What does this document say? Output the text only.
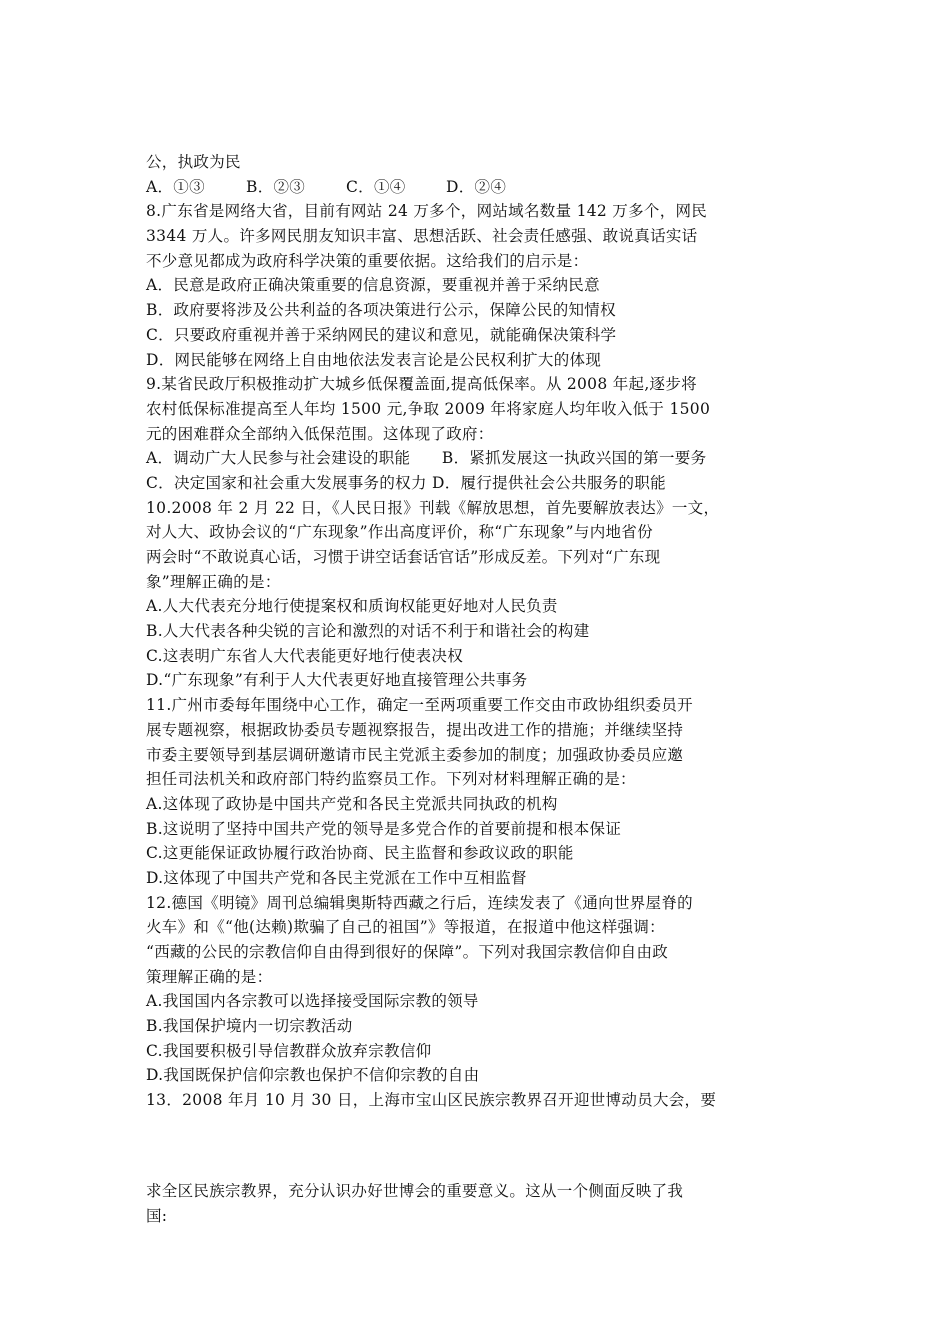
公，执政为民
A．①③	B．②③	C．①④	D．②④
8.广东省是网络大省，目前有网站 24 万多个，网站域名数量 142 万多个，网民
3344 万人。许多网民朋友知识丰富、思想活跃、社会责任感强、敢说真话实话
不少意见都成为政府科学决策的重要依据。这给我们的启示是：
A．民意是政府正确决策重要的信息资源，要重视并善于采纳民意
B．政府要将涉及公共利益的各项决策进行公示，保障公民的知情权
C．只要政府重视并善于采纳网民的建议和意见，就能确保决策科学
D．网民能够在网络上自由地依法发表言论是公民权利扩大的体现
9.某省民政厅积极推动扩大城乡低保覆盖面,提高低保率。从 2008 年起,逐步将
农村低保标准提高至人年均 1500 元,争取 2009 年将家庭人均年收入低于 1500
元的困难群众全部纳入低保范围。这体现了政府：
A．调动广大人民参与社会建设的职能　　B．紧抓发展这一执政兴国的第一要务
C．决定国家和社会重大发展事务的权力 D．履行提供社会公共服务的职能
10.2008 年 2 月 22 日，《人民日报》刊载《解放思想，首先要解放表达》一文，
对人大、政协会议的“广东现象”作出高度评价，称“广东现象”与内地省份
两会时“不敢说真心话，习惯于讲空话套话官话”形成反差。下列对“广东现
象”理解正确的是：
A.人大代表充分地行使提案权和质询权能更好地对人民负责
B.人大代表各种尖锐的言论和激烈的对话不利于和谐社会的构建
C.这表明广东省人大代表能更好地行使表决权
D.“广东现象”有利于人大代表更好地直接管理公共事务
11.广州市委每年围绕中心工作，确定一至两项重要工作交由市政协组织委员开
展专题视察，根据政协委员专题视察报告，提出改进工作的措施；并继续坚持
市委主要领导到基层调研邀请市民主党派主委参加的制度；加强政协委员应邀
担任司法机关和政府部门特约监察员工作。下列对材料理解正确的是：
A.这体现了政协是中国共产党和各民主党派共同执政的机构
B.这说明了坚持中国共产党的领导是多党合作的首要前提和根本保证
C.这更能保证政协履行政治协商、民主监督和参政议政的职能
D.这体现了中国共产党和各民主党派在工作中互相监督
12.德国《明镜》周刊总编辑奥斯特西藏之行后，连续发表了《通向世界屋脊的
火车》和《“他(达赖)欺骗了自己的祖国”》等报道，在报道中他这样强调：
“西藏的公民的宗教信仰自由得到很好的保障”。下列对我国宗教信仰自由政
策理解正确的是：
A.我国国内各宗教可以选择接受国际宗教的领导
B.我国保护境内一切宗教活动
C.我国要积极引导信教群众放弃宗教信仰
D.我国既保护信仰宗教也保护不信仰宗教的自由
13．2008 年月 10 月 30 日，上海市宝山区民族宗教界召开迎世博动员大会，要
求全区民族宗教界，充分认识办好世博会的重要意义。这从一个侧面反映了我
国:
